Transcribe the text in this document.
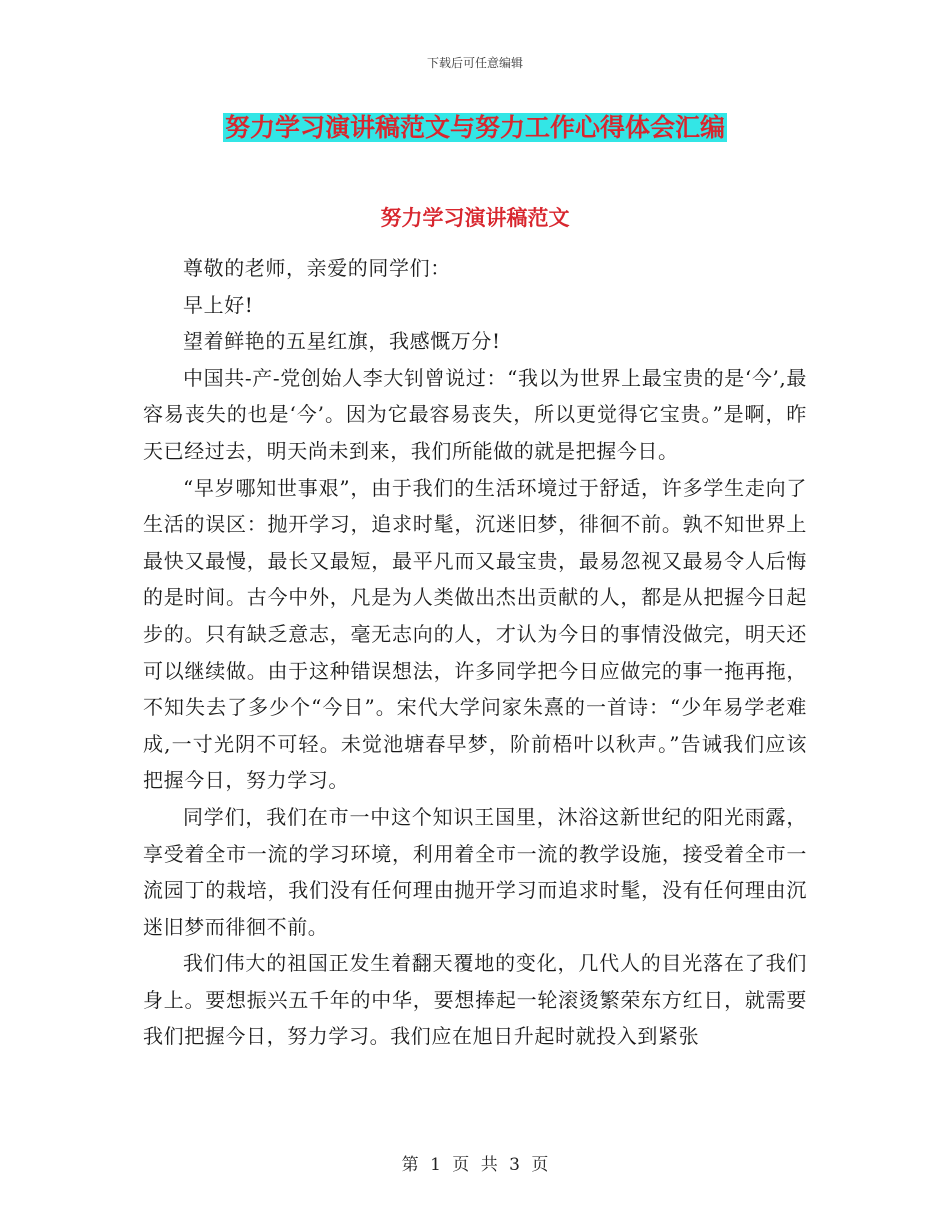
下载后可任意编辑
努力学习演讲稿范文与努力工作心得体会汇编
努力学习演讲稿范文

尊敬的老师，亲爱的同学们：

早上好!

望着鲜艳的五星红旗，我感慨万分!

中国共-产-党创始人李大钊曾说过：“我以为世界上最宝贵的是‘今’,最容易丧失的也是‘今’。因为它最容易丧失，所以更觉得它宝贵。”是啊，昨天已经过去，明天尚未到来，我们所能做的就是把握今日。

“早岁哪知世事艰”，由于我们的生活环境过于舒适，许多学生走向了生活的误区：抛开学习，追求时髦，沉迷旧梦，徘徊不前。孰不知世界上最快又最慢，最长又最短，最平凡而又最宝贵，最易忽视又最易令人后悔的是时间。古今中外，凡是为人类做出杰出贡献的人，都是从把握今日起步的。只有缺乏意志，毫无志向的人，才认为今日的事情没做完，明天还可以继续做。由于这种错误想法，许多同学把今日应做完的事一拖再拖，不知失去了多少个“今日”。宋代大学问家朱熹的一首诗：“少年易学老难成,一寸光阴不可轻。未觉池塘春早梦，阶前梧叶以秋声。”告诫我们应该把握今日，努力学习。

同学们，我们在市一中这个知识王国里，沐浴这新世纪的阳光雨露，享受着全市一流的学习环境，利用着全市一流的教学设施，接受着全市一流园丁的栽培，我们没有任何理由抛开学习而追求时髦，没有任何理由沉迷旧梦而徘徊不前。

我们伟大的祖国正发生着翻天覆地的变化，几代人的目光落在了我们身上。要想振兴五千年的中华，要想捧起一轮滚烫繁荣东方红日，就需要我们把握今日，努力学习。我们应在旭日升起时就投入到紧张

第 1 页 共 3 页
